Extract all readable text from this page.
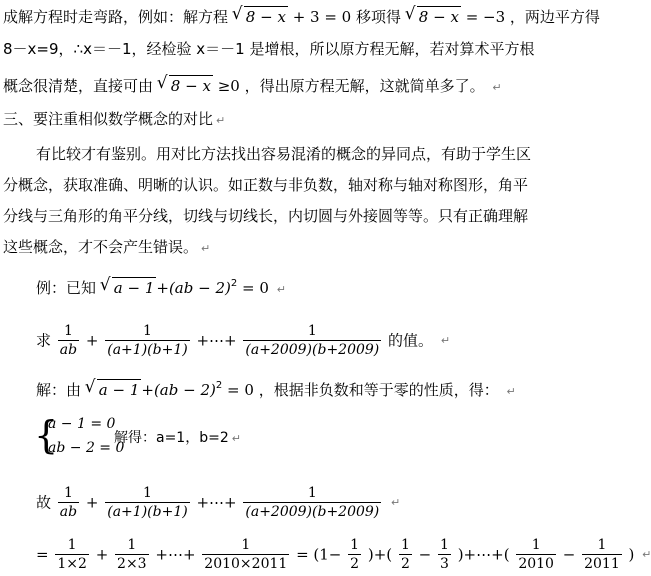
成解方程时走弯路，例如：解方程 √ 8 − x + 3 = 0 移项得 √ 8 − x = −3 ，两边平方得
8－x=9，∴x＝－1，经检验 x＝－1 是增根，所以原方程无解，若对算术平方根
概念很清楚，直接可由 √ 8 − x ≥0 ，得出原方程无解，这就简单多了。 ↵
三、要注重相似数学概念的对比 ↵
有比较才有鉴别。用对比方法找出容易混淆的概念的异同点，有助于学生区
分概念，获取准确、明晰的认识。如正数与非负数，轴对称与轴对称图形，角平
分线与三角形的角平分线，切线与切线长，内切圆与外接圆等等。只有正确理解
这些概念，才不会产生错误。 ↵
例：已知 √ a − 1 +(ab − 2)$^2$ = 0 ↵
求 $\frac{1}{ab} + \frac{1}{(a+1)(b+1)}$ +⋯+ $\frac{1}{(a+2009)(b+2009)}$ 的值。 ↵
解：由 √ a − 1 +(ab − 2)$^2$ = 0 ，根据非负数和等于零的性质，得： ↵
{
a − 1 = 0
ab − 2 = 0
解得：a=1，b=2 ↵
故 $\frac{1}{ab} + \frac{1}{(a+1)(b+1)}$ +⋯+ $\frac{1}{(a+2009)(b+2009)}$ ↵
= $\frac{1}{1\times 2} + \frac{1}{2\times 3}$ +⋯+ $\frac{1}{2010\times 2011} = (1- \frac{1}{2}$ )+( $\frac{1}{2} - \frac{1}{3}$ )+⋯+( $\frac{1}{2010} - \frac{1}{2011}$ ) ↵
